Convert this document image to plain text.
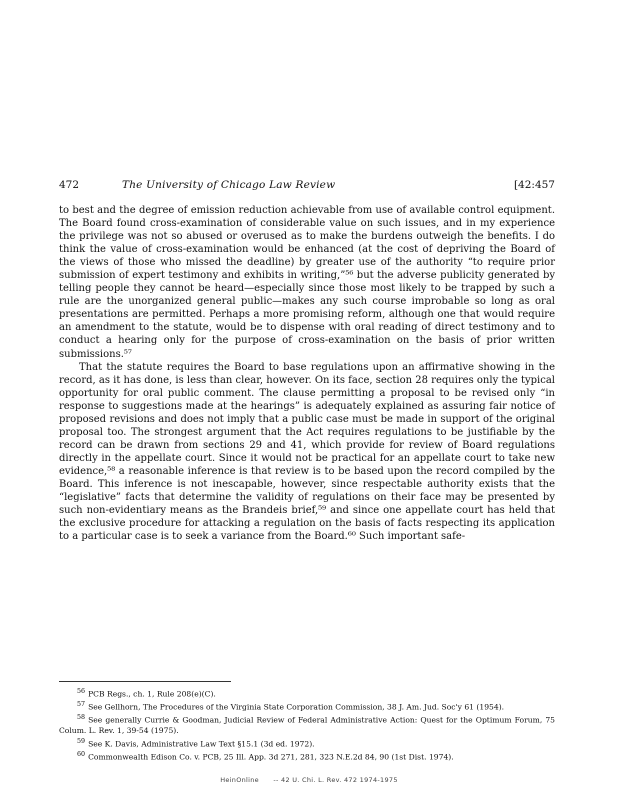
472	The University of Chicago Law Review	[42:457

to best and the degree of emission reduction achievable from use of available control equipment. The Board found cross-examination of considerable value on such issues, and in my experience the privilege was not so abused or overused as to make the burdens outweigh the benefits. I do think the value of cross-examination would be enhanced (at the cost of depriving the Board of the views of those who missed the deadline) by greater use of the authority “to require prior submission of expert testimony and exhibits in writing,”⁵⁶ but the adverse publicity generated by telling people they cannot be heard—especially since those most likely to be trapped by such a rule are the unorganized general public—makes any such course improbable so long as oral presentations are permitted. Perhaps a more promising reform, although one that would require an amendment to the statute, would be to dispense with oral reading of direct testimony and to conduct a hearing only for the purpose of cross-examination on the basis of prior written submissions.⁵⁷

That the statute requires the Board to base regulations upon an affirmative showing in the record, as it has done, is less than clear, however. On its face, section 28 requires only the typical opportunity for oral public comment. The clause permitting a proposal to be revised only “in response to suggestions made at the hearings” is adequately explained as assuring fair notice of proposed revisions and does not imply that a public case must be made in support of the original proposal too. The strongest argument that the Act requires regulations to be justifiable by the record can be drawn from sections 29 and 41, which provide for review of Board regulations directly in the appellate court. Since it would not be practical for an appellate court to take new evidence,⁵⁸ a reasonable inference is that review is to be based upon the record compiled by the Board. This inference is not inescapable, however, since respectable authority exists that the “legislative” facts that determine the validity of regulations on their face may be presented by such non-evidentiary means as the Brandeis brief,⁵⁹ and since one appellate court has held that the exclusive procedure for attacking a regulation on the basis of facts respecting its application to a particular case is to seek a variance from the Board.⁶⁰ Such important safe-

$^{56}$ PCB Regs., ch. 1, Rule 208(e)(C).

$^{57}$ See Gellhorn, The Procedures of the Virginia State Corporation Commission, 38 J. Am. Jud. Soc'y 61 (1954).

$^{58}$ See generally Currie & Goodman, Judicial Review of Federal Administrative Action: Quest for the Optimum Forum, 75 Colum. L. Rev. 1, 39-54 (1975).

$^{59}$ See K. Davis, Administrative Law Text §15.1 (3d ed. 1972).

$^{60}$ Commonwealth Edison Co. v. PCB, 25 Ill. App. 3d 271, 281, 323 N.E.2d 84, 90 (1st Dist. 1974).

HeinOnline -- 42 U. Chi. L. Rev. 472 1974-1975
